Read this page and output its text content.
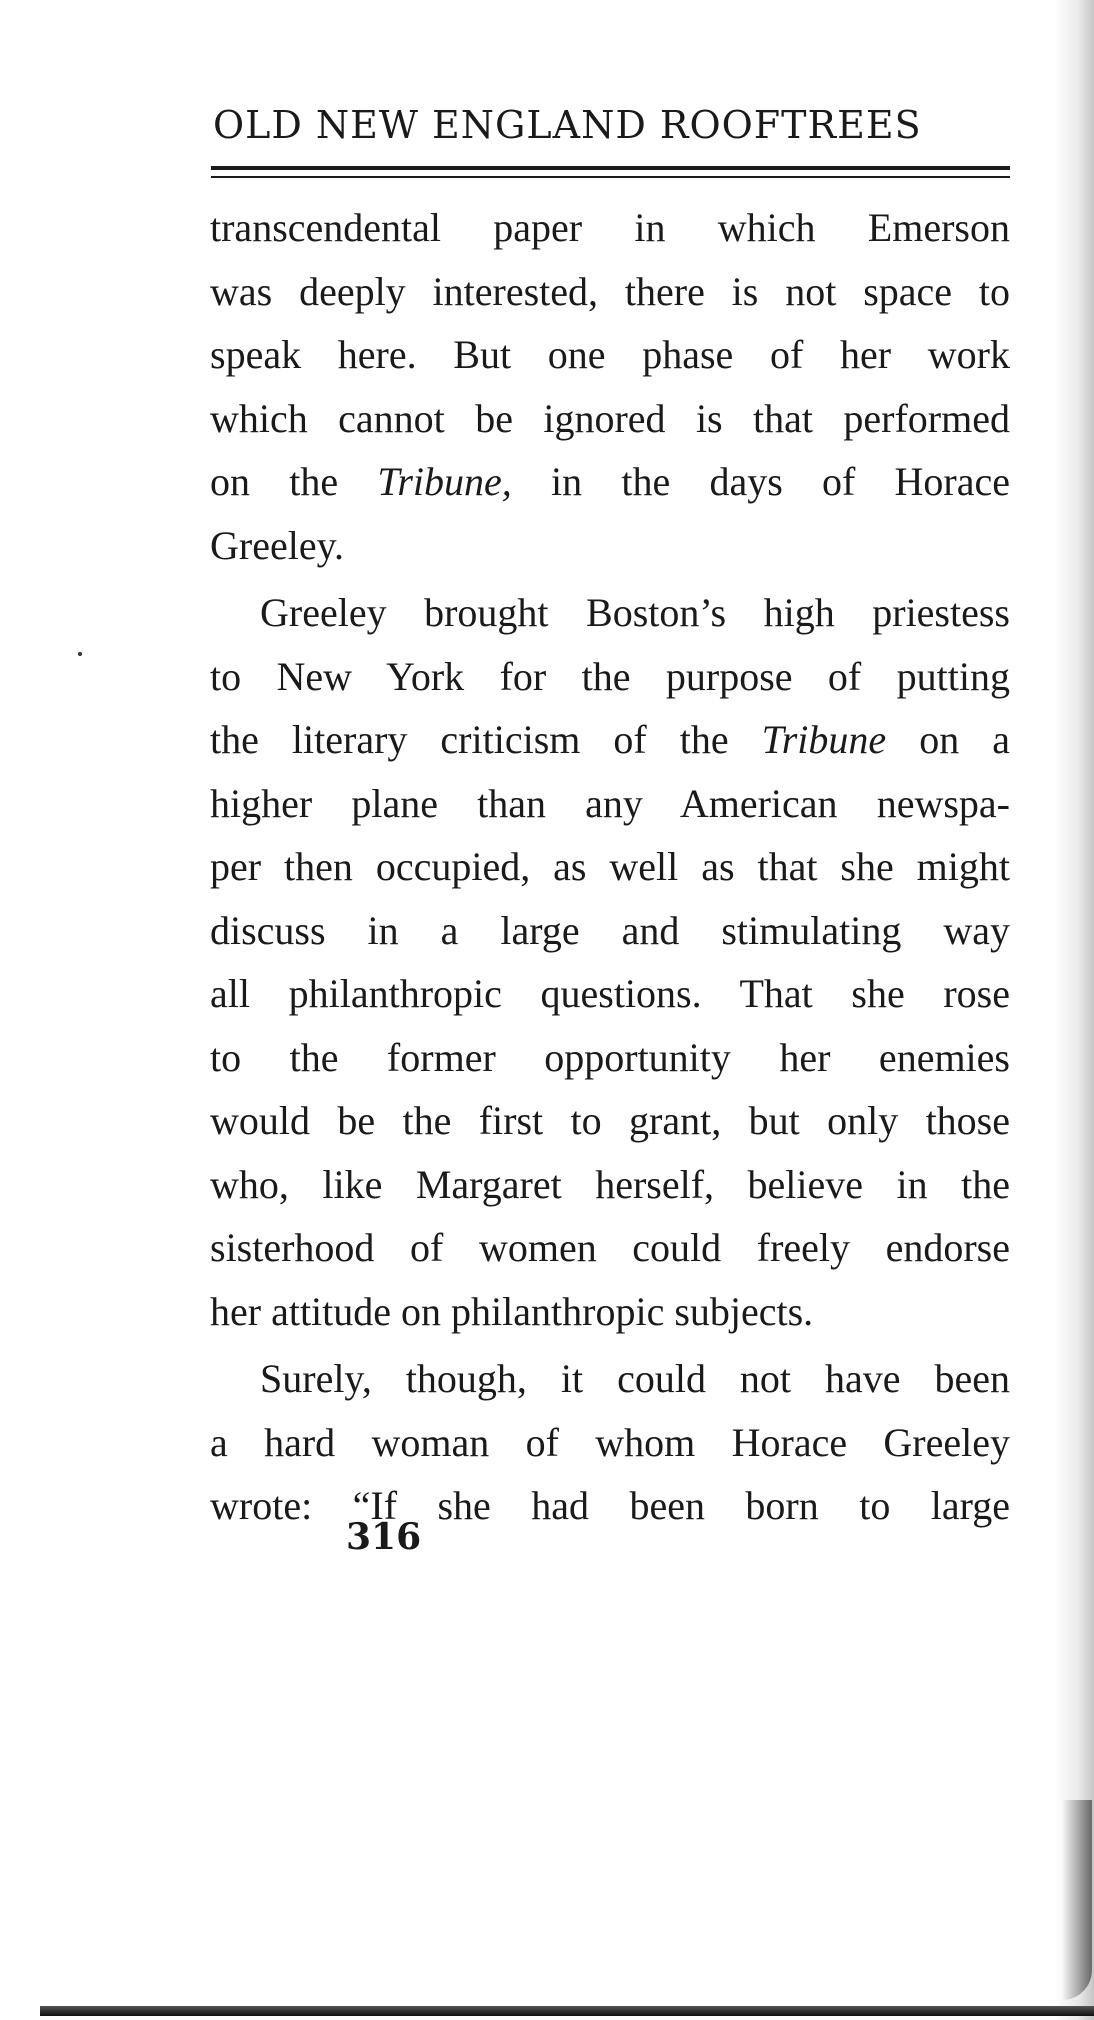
OLD NEW ENGLAND ROOFTREES
transcendental paper in which Emerson
was deeply interested, there is not space to
speak here. But one phase of her work
which cannot be ignored is that performed
on the Tribune, in the days of Horace
Greeley.
Greeley brought Boston’s high priestess
to New York for the purpose of putting
the literary criticism of the Tribune on a
higher plane than any American newspa-
per then occupied, as well as that she might
discuss in a large and stimulating way
all philanthropic questions. That she rose
to the former opportunity her enemies
would be the first to grant, but only those
who, like Margaret herself, believe in the
sisterhood of women could freely endorse
her attitude on philanthropic subjects.
Surely, though, it could not have been
a hard woman of whom Horace Greeley
wrote: “If she had been born to large
316
